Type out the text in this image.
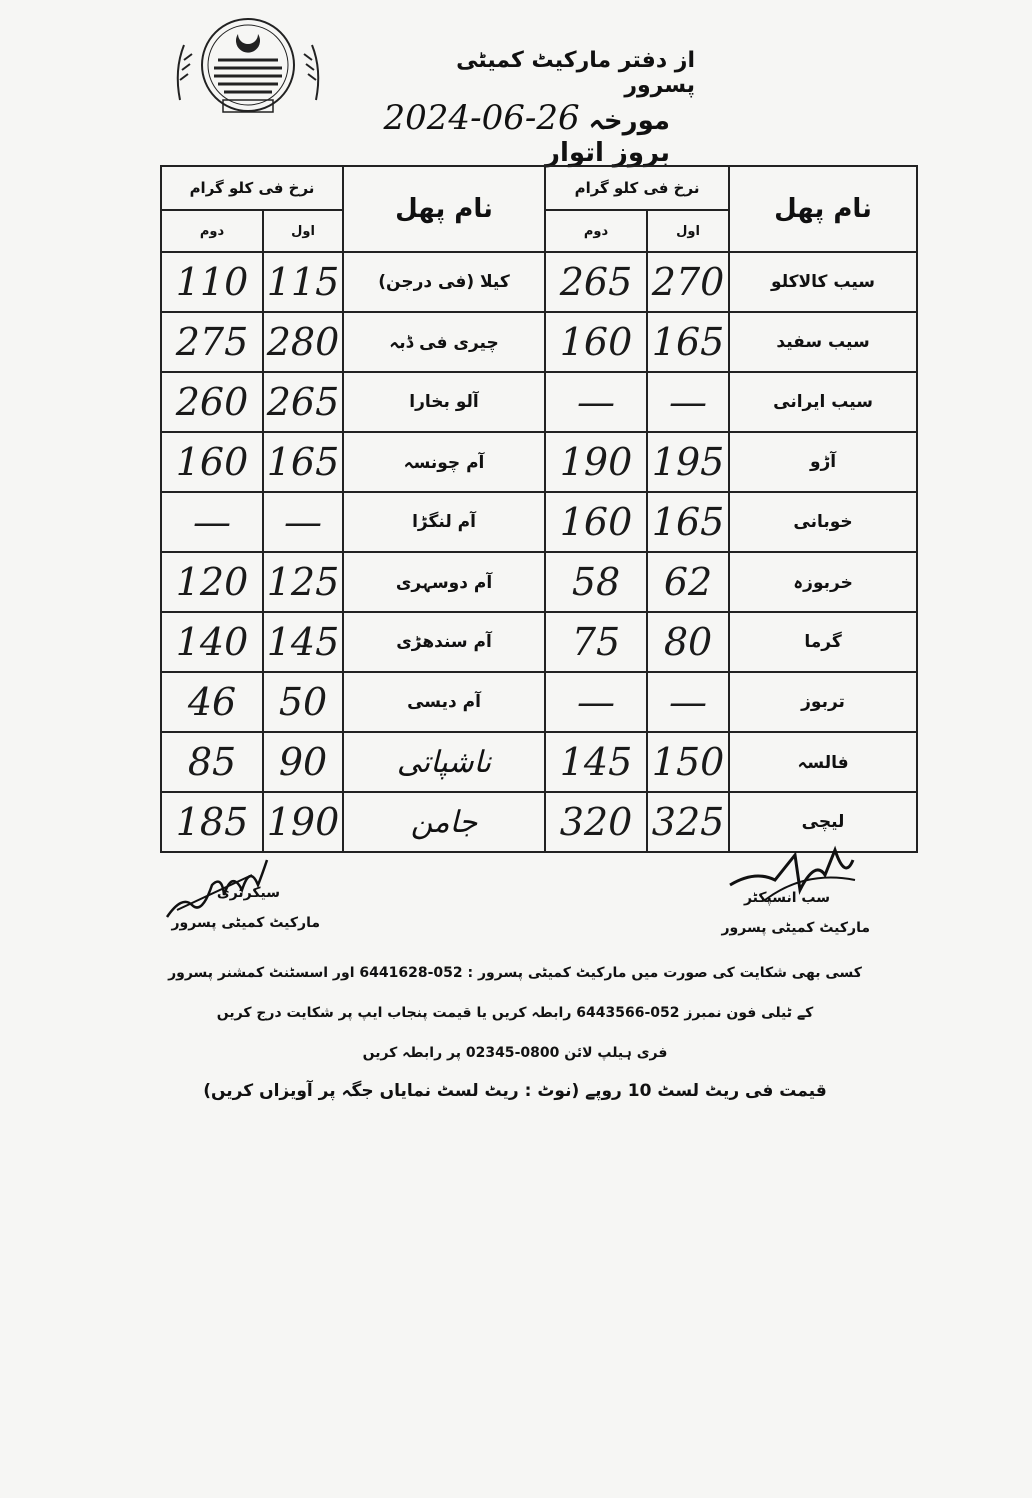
از دفتر مارکیٹ کمیٹی پسرور
مورخہ 26-06-2024 بروز اتوار
نام پھل	نرخ فی کلو گرام		نام پھل	نرخ فی کلو گرام	
	اول	دوم		اول	دوم
سیب کالاکلو	270	265	کیلا (فی درجن)	115	110
سیب سفید	165	160	چیری فی ڈبہ	280	275
سیب ایرانی	—	—	آلو بخارا	265	260
آڑو	195	190	آم چونسہ	165	160
خوبانی	165	160	آم لنگڑا	—	—
خربوزہ	62	58	آم دوسہری	125	120
گرما	80	75	آم سندھڑی	145	140
تربوز	—	—	آم دیسی	50	46
فالسہ	150	145	ناشپاتی	90	85
لیچی	325	320	جامن	190	185
سیکرٹری
مارکیٹ کمیٹی پسرور
سب انسپکٹر
مارکیٹ کمیٹی پسرور
کسی بھی شکایت کی صورت میں مارکیٹ کمیٹی پسرور : 052-6441628 اور اسسٹنٹ کمشنر پسرور
کے ٹیلی فون نمبرز 052-6443566 رابطہ کریں یا قیمت پنجاب ایپ پر شکایت درج کریں
فری ہیلپ لائن 0800-02345 پر رابطہ کریں
قیمت فی ریٹ لسٹ 10 روپے (نوٹ : ریٹ لسٹ نمایاں جگہ پر آویزاں کریں)
